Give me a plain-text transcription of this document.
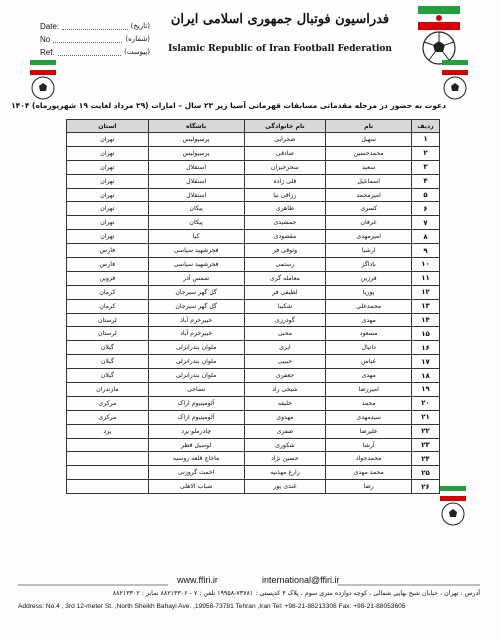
Date:	(تاریخ)
No	(شماره)
Ref.	(پیوست)
فدراسیون فوتبال جمهوری اسلامی ایران
Islamic Republic of Iran Football Federation
دعوت به حضور در مرحله مقدماتی مسابقات قهرمانی آسیا زیر ۲۳ سال – امارات (۲۹ مرداد لغایت ۱۹ شهریورماه) ۱۴۰۴
ردیف	نام	نام خانوادگی	باشگاه	استان
۱	سهیل	صحرایی	پرسپولیس	تهران
۲	محمدحسین	صادقی	پرسپولیس	تهران
۳	سعید	سحرخیزان	استقلال	تهران
۴	اسماعیل	قلی زاده	استقلال	تهران
۵	امیرمحمد	رزاقی نیا	استقلال	تهران
۶	کسری	طاهری	پیکان	تهران
۷	عرفان	جمشیدی	پیکان	تهران
۸	امیرمهدی	مقصودی	کیا	تهران
۹	ارشیا	وثوقی فر	فجرشهید سپاسی	فارس
۱۰	باداگز	رستمی	فجرشهید سپاسی	فارس
۱۱	فرزین	معامله گری	شمس آذر	قزوین
۱۲	پوریا	لطیفی فر	گل گهر سیرجان	کرمان
۱۳	محمدعلی	شکیبا	گل گهر سیرجان	کرمان
۱۴	مهدی	گودرزی	خیبرخرم آباد	لرستان
۱۵	مسعود	محبی	خیبرخرم آباد	لرستان
۱۶	دانیال	ایری	ملوان بندرانزلی	گیلان
۱۷	عباس	حبیبی	ملوان بندرانزلی	گیلان
۱۸	مهدی	جعفری	ملوان بندرانزلی	گیلان
۱۹	امیررضا	شیخی راد	نساجی	مازندران
۲۰	محمد	خلیفه	آلومینیوم اراک	مرکزی
۲۱	سیدمهدی	مهدوی	آلومینیوم اراک	مرکزی
۲۲	علیرضا	صفری	چادرملو یزد	یزد
۲۳	آرشا	شکوری	لوسیل قطر	
۲۴	محمدجواد	حسین نژاد	ماخاچ قلعه روسیه	
۲۵	محمد مهدی	زارع مهذبیه	اخمت گروزنی	
۲۶	رضا	غندی پور	شباب الاهلی	
www.ffiri.ir	international@ffiri.ir
آدرس : تهران ، خیابان شیخ بهایی شمالی ، کوچه دوازده متری سوم ، پلاک ۴ کدپستی : ۷۳۷۸۱-۱۹۹۵۸ تلفن : ۷ - ۸۸۲۱۳۳۰۶ نمابر : ۸۸۲۱۳۳۰۲
Address: No.4 , 3rd 12-meter St. ,North Sheikh Bahayi Ave. ,19958-73781 Tehran ,Iran Tel: +98-21-88213308 Fax: +98-21-88053605
